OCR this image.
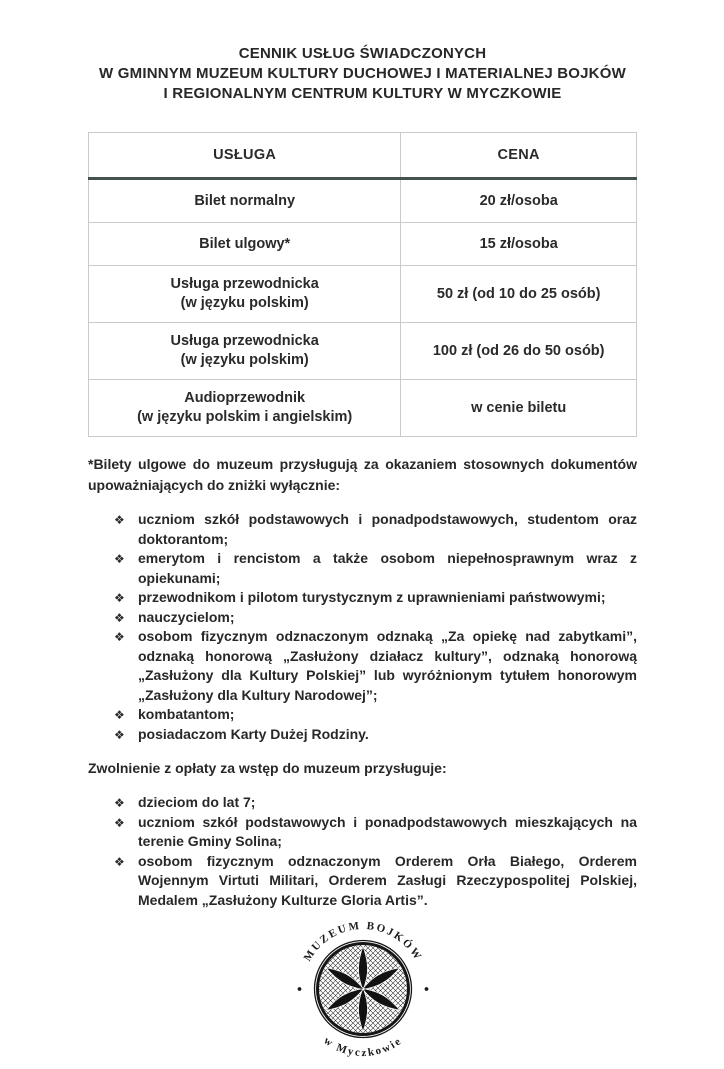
CENNIK USŁUG ŚWIADCZONYCH
W GMINNYM MUZEUM KULTURY DUCHOWEJ I MATERIALNEJ BOJKÓW
I REGIONALNYM CENTRUM KULTURY W MYCZKOWIE
USŁUGA	CENA

Bilet normalny	20 zł/osoba

Bilet ulgowy*	15 zł/osoba

Usługa przewodnicka
(w języku polskim)	50 zł (od 10 do 25 osób)

Usługa przewodnicka
(w języku polskim)	100 zł (od 26 do 50 osób)

Audioprzewodnik
(w języku polskim i angielskim)	w cenie biletu

*Bilety ulgowe do muzeum przysługują za okazaniem stosownych dokumentów upoważniających do zniżki wyłącznie:

❖ uczniom szkół podstawowych i ponadpodstawowych, studentom oraz doktorantom;
❖ emerytom i rencistom a także osobom niepełnosprawnym wraz z opiekunami;
❖ przewodnikom i pilotom turystycznym z uprawnieniami państwowymi;
❖ nauczycielom;
❖ osobom fizycznym odznaczonym odznaką „Za opiekę nad zabytkami”, odznaką honorową „Zasłużony działacz kultury”, odznaką honorową „Zasłużony dla Kultury Polskiej” lub wyróżnionym tytułem honorowym „Zasłużony dla Kultury Narodowej”;
❖ kombatantom;
❖ posiadaczom Karty Dużej Rodziny.

Zwolnienie z opłaty za wstęp do muzeum przysługuje:

❖ dzieciom do lat 7;
❖ uczniom szkół podstawowych i ponadpodstawowych mieszkających na terenie Gminy Solina;
❖ osobom fizycznym odznaczonym Orderem Orła Białego, Orderem Wojennym Virtuti Militari, Orderem Zasługi Rzeczypospolitej Polskiej, Medalem „Zasłużony Kulturze Gloria Artis”.
MUZEUM BOJKÓW
w Myczkowie
